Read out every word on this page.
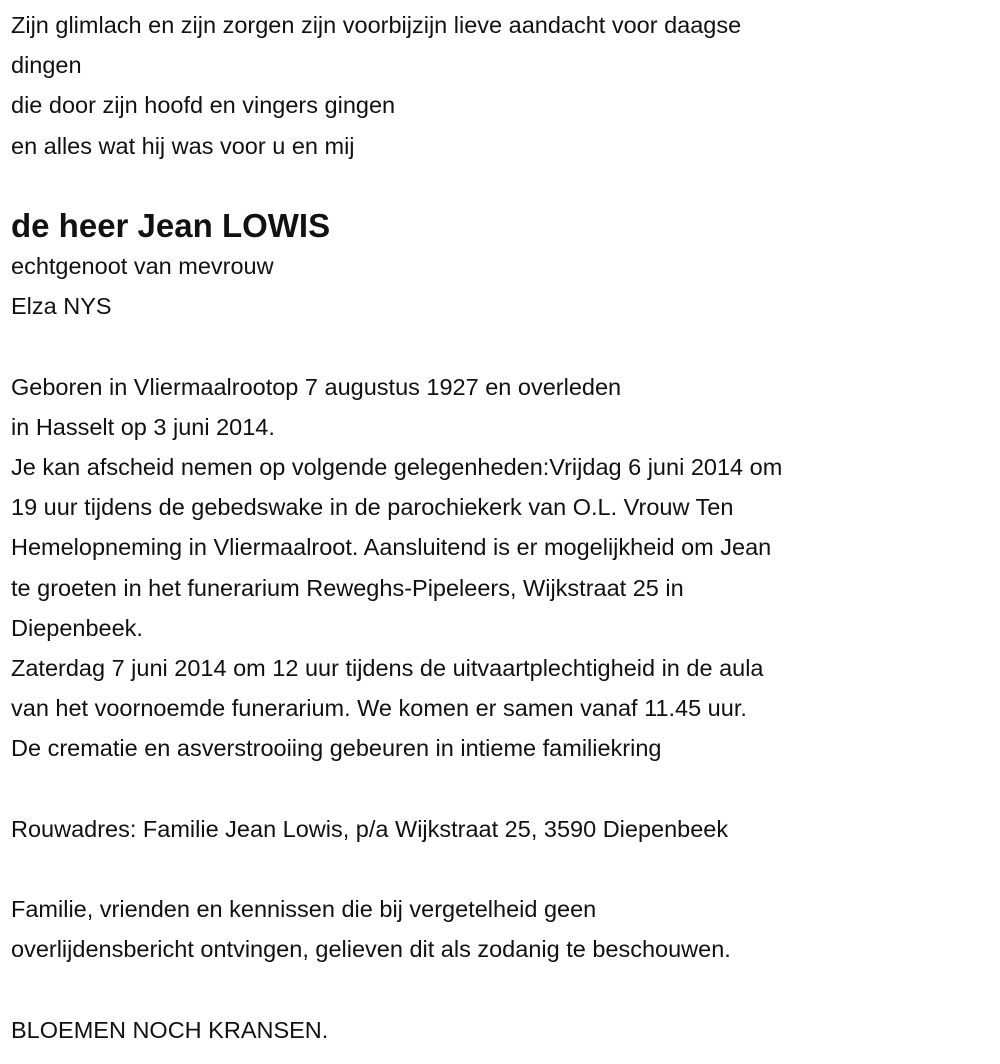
Zijn glimlach en zijn zorgen zijn voorbijzijn lieve aandacht voor daagse
dingen
die door zijn hoofd en vingers gingen
en alles wat hij was voor u en mij
de heer Jean LOWIS
echtgenoot van mevrouw
Elza NYS
Geboren in Vliermaalrootop 7 augustus 1927 en overleden
in Hasselt op 3 juni 2014.
Je kan afscheid nemen op volgende gelegenheden:Vrijdag 6 juni 2014 om
19 uur tijdens de gebedswake in de parochiekerk van O.L. Vrouw Ten
Hemelopneming in Vliermaalroot. Aansluitend is er mogelijkheid om Jean
te groeten in het funerarium Reweghs-Pipeleers, Wijkstraat 25 in
Diepenbeek.
Zaterdag 7 juni 2014 om 12 uur tijdens de uitvaartplechtigheid in de aula
van het voornoemde funerarium. We komen er samen vanaf 11.45 uur.
De crematie en asverstrooiing gebeuren in intieme familiekring
Rouwadres: Familie Jean Lowis, p/a Wijkstraat 25, 3590 Diepenbeek
Familie, vrienden en kennissen die bij vergetelheid geen
overlijdensbericht ontvingen, gelieven dit als zodanig te beschouwen.
BLOEMEN NOCH KRANSEN.
